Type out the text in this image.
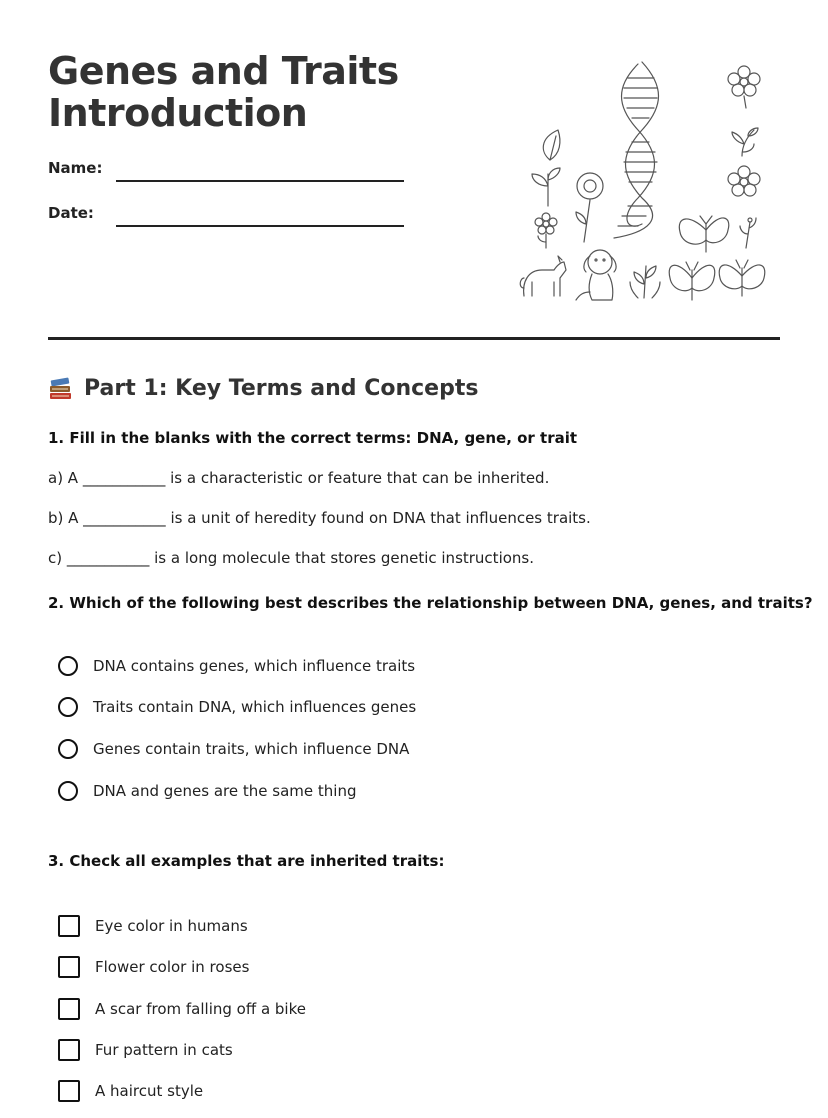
Genes and Traits
Introduction
Name:
Date:
Part 1: Key Terms and Concepts
1. Fill in the blanks with the correct terms: DNA, gene, or trait
a) A ___________ is a characteristic or feature that can be inherited.
b) A ___________ is a unit of heredity found on DNA that influences traits.
c) ___________ is a long molecule that stores genetic instructions.
2. Which of the following best describes the relationship between DNA, genes, and traits?
DNA contains genes, which influence traits
Traits contain DNA, which influences genes
Genes contain traits, which influence DNA
DNA and genes are the same thing
3. Check all examples that are inherited traits:
Eye color in humans
Flower color in roses
A scar from falling off a bike
Fur pattern in cats
A haircut style
